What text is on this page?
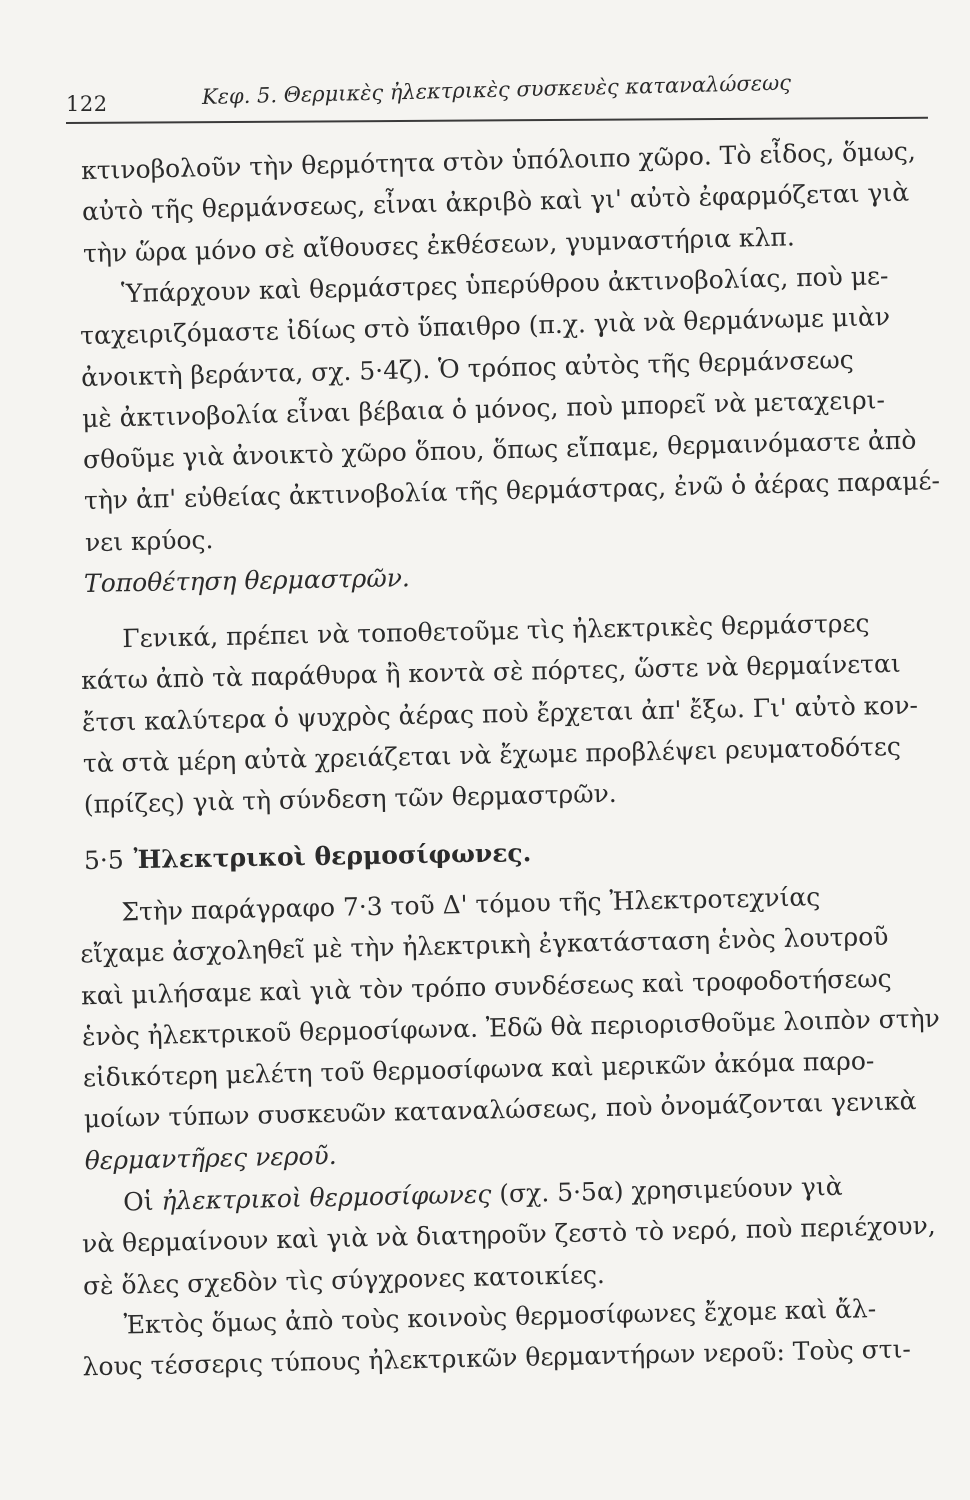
122	Κεφ. 5. Θερμικὲς ἠλεκτρικὲς συσκευὲς καταναλώσεως
κτινοβολοῦν τὴν θερμότητα στὸν ὑπόλοιπο χῶρο. Τὸ εἶδος, ὅμως,
αὐτὸ τῆς θερμάνσεως, εἶναι ἀκριβὸ καὶ γι' αὐτὸ ἐφαρμόζεται γιὰ
τὴν ὥρα μόνο σὲ αἴθουσες ἐκθέσεων, γυμναστήρια κλπ.
Ὑπάρχουν καὶ θερμάστρες ὑπερύθρου ἀκτινοβολίας, ποὺ με-
ταχειριζόμαστε ἰδίως στὸ ὕπαιθρο (π.χ. γιὰ νὰ θερμάνωμε μιὰν
ἀνοικτὴ βεράντα, σχ. 5·4ζ). Ὁ τρόπος αὐτὸς τῆς θερμάνσεως
μὲ ἀκτινοβολία εἶναι βέβαια ὁ μόνος, ποὺ μπορεῖ νὰ μεταχειρι-
σθοῦμε γιὰ ἀνοικτὸ χῶρο ὅπου, ὅπως εἴπαμε, θερμαινόμαστε ἀπὸ
τὴν ἀπ' εὐθείας ἀκτινοβολία τῆς θερμάστρας, ἐνῶ ὁ ἀέρας παραμέ-
νει κρύος.
Τοποθέτηση θερμαστρῶν.
Γενικά, πρέπει νὰ τοποθετοῦμε τὶς ἠλεκτρικὲς θερμάστρες
κάτω ἀπὸ τὰ παράθυρα ἢ κοντὰ σὲ πόρτες, ὥστε νὰ θερμαίνεται
ἔτσι καλύτερα ὁ ψυχρὸς ἀέρας ποὺ ἔρχεται ἀπ' ἔξω. Γι' αὐτὸ κον-
τὰ στὰ μέρη αὐτὰ χρειάζεται νὰ ἔχωμε προβλέψει ρευματοδότες
(πρίζες) γιὰ τὴ σύνδεση τῶν θερμαστρῶν.
5·5 Ἠλεκτρικοὶ θερμοσίφωνες.
Στὴν παράγραφο 7·3 τοῦ Δ' τόμου τῆς Ἠλεκτροτεχνίας
εἴχαμε ἀσχοληθεῖ μὲ τὴν ἠλεκτρικὴ ἐγκατάσταση ἑνὸς λουτροῦ
καὶ μιλήσαμε καὶ γιὰ τὸν τρόπο συνδέσεως καὶ τροφοδοτήσεως
ἑνὸς ἠλεκτρικοῦ θερμοσίφωνα. Ἐδῶ θὰ περιορισθοῦμε λοιπὸν στὴν
εἰδικότερη μελέτη τοῦ θερμοσίφωνα καὶ μερικῶν ἀκόμα παρο-
μοίων τύπων συσκευῶν καταναλώσεως, ποὺ ὀνομάζονται γενικὰ
θερμαντῆρες νεροῦ.
Οἱ ἠλεκτρικοὶ θερμοσίφωνες (σχ. 5·5α) χρησιμεύουν γιὰ
νὰ θερμαίνουν καὶ γιὰ νὰ διατηροῦν ζεστὸ τὸ νερό, ποὺ περιέχουν,
σὲ ὅλες σχεδὸν τὶς σύγχρονες κατοικίες.
Ἐκτὸς ὅμως ἀπὸ τοὺς κοινοὺς θερμοσίφωνες ἔχομε καὶ ἄλ-
λους τέσσερις τύπους ἠλεκτρικῶν θερμαντήρων νεροῦ: Τοὺς στι-
